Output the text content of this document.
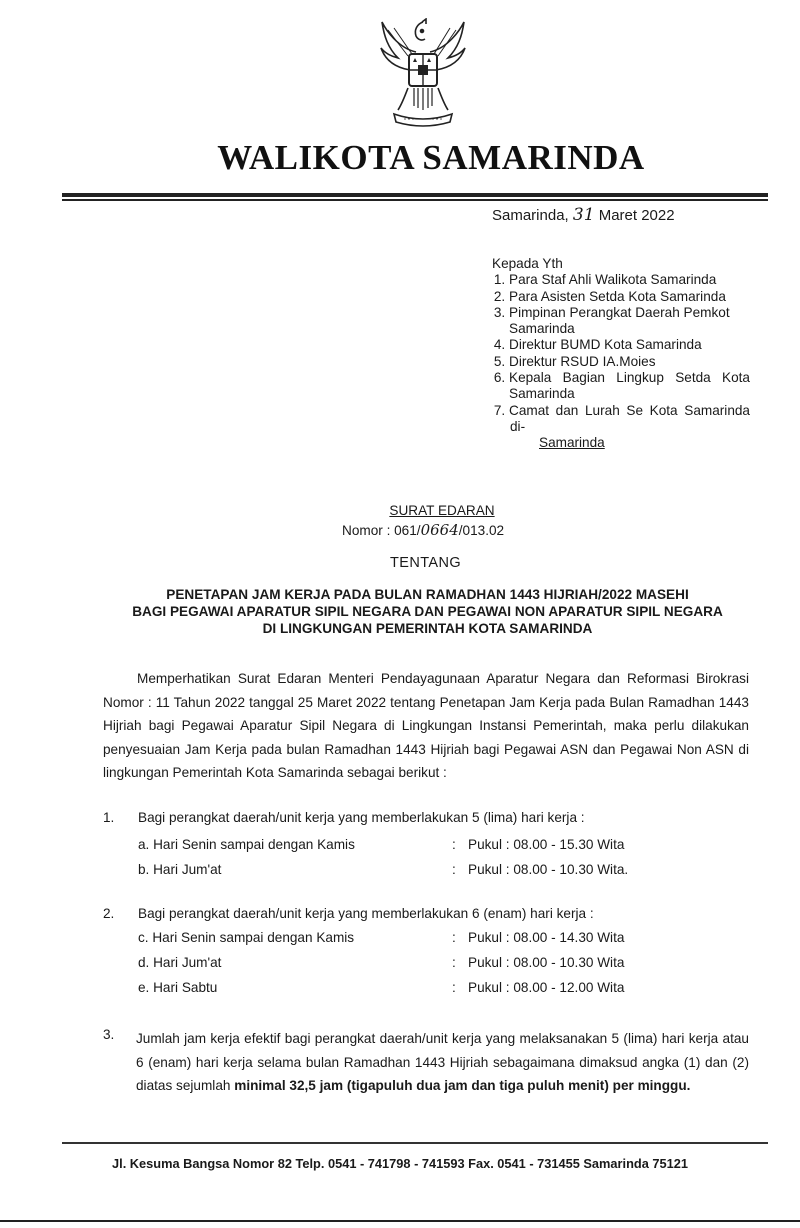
WALIKOTA SAMARINDA
Samarinda, 31 Maret 2022
Kepada Yth
1. Para Staf Ahli Walikota Samarinda
2. Para Asisten Setda Kota Samarinda
3. Pimpinan Perangkat Daerah Pemkot Samarinda
4. Direktur BUMD Kota Samarinda
5. Direktur RSUD IA.Moies
6. Kepala Bagian Lingkup Setda Kota Samarinda
7. Camat dan Lurah Se Kota Samarinda
di-
Samarinda
SURAT EDARAN
Nomor : 061/0664/013.02
TENTANG
PENETAPAN JAM KERJA PADA BULAN RAMADHAN 1443 HIJRIAH/2022 MASEHI
BAGI PEGAWAI APARATUR SIPIL NEGARA DAN PEGAWAI NON APARATUR SIPIL NEGARA
DI LINGKUNGAN PEMERINTAH KOTA SAMARINDA
Memperhatikan Surat Edaran Menteri Pendayagunaan Aparatur Negara dan Reformasi Birokrasi Nomor : 11 Tahun 2022 tanggal 25 Maret 2022 tentang Penetapan Jam Kerja pada Bulan Ramadhan 1443 Hijriah bagi Pegawai Aparatur Sipil Negara di Lingkungan Instansi Pemerintah, maka perlu dilakukan penyesuaian Jam Kerja pada bulan Ramadhan 1443 Hijriah bagi Pegawai ASN dan Pegawai Non ASN di lingkungan Pemerintah Kota Samarinda sebagai berikut :
1. Bagi perangkat daerah/unit kerja yang memberlakukan 5 (lima) hari kerja :
a. Hari Senin sampai dengan Kamis	: Pukul : 08.00 - 15.30 Wita
b. Hari Jum'at	: Pukul : 08.00 - 10.30 Wita.
2. Bagi perangkat daerah/unit kerja yang memberlakukan 6 (enam) hari kerja :
c. Hari Senin sampai dengan Kamis	: Pukul : 08.00 - 14.30 Wita
d. Hari Jum'at	: Pukul : 08.00 - 10.30 Wita
e. Hari Sabtu	: Pukul : 08.00 - 12.00 Wita
3. Jumlah jam kerja efektif bagi perangkat daerah/unit kerja yang melaksanakan 5 (lima) hari kerja atau 6 (enam) hari kerja selama bulan Ramadhan 1443 Hijriah sebagaimana dimaksud angka (1) dan (2) diatas sejumlah minimal 32,5 jam (tigapuluh dua jam dan tiga puluh menit) per minggu.
Jl. Kesuma Bangsa Nomor 82 Telp. 0541 - 741798 - 741593 Fax. 0541 - 731455 Samarinda 75121
